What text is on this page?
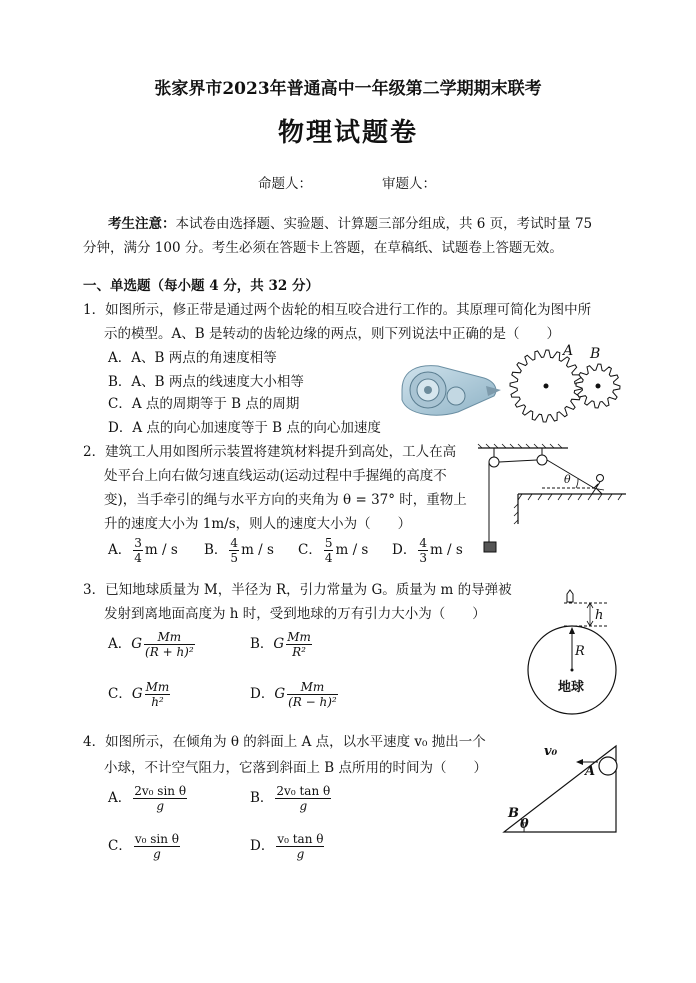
张家界市2023年普通高中一年级第二学期期末联考
物理试题卷
命题人：	审题人：
考生注意：本试卷由选择题、实验题、计算题三部分组成，共 6 页，考试时量 75
分钟，满分 100 分。考生必须在答题卡上答题，在草稿纸、试题卷上答题无效。
一、单选题（每小题 4 分，共 32 分）
1．如图所示，修正带是通过两个齿轮的相互咬合进行工作的。其原理可简化为图中所
示的模型。A、B 是转动的齿轮边缘的两点，则下列说法中正确的是（　　）
A．A、B 两点的角速度相等
B．A、B 两点的线速度大小相等
C．A 点的周期等于 B 点的周期
D．A 点的向心加速度等于 B 点的向心加速度
A B
2．建筑工人用如图所示装置将建筑材料提升到高处，工人在高
处平台上向右做匀速直线运动(运动过程中手握绳的高度不
变)，当手牵引的绳与水平方向的夹角为 θ = 37° 时，重物上
升的速度大小为 1m/s，则人的速度大小为（　　）
A． $\frac{3}{4}$ m / s B． $\frac{4}{5}$ m / s C． $\frac{5}{4}$ m / s D． $\frac{4}{3}$ m / s
θ
3．已知地球质量为 M，半径为 R，引力常量为 G。质量为 m 的导弹被
发射到离地面高度为 h 时，受到地球的万有引力大小为（　　）
A．G $\frac{Mm}{\text{(R + h)²}}$	B．G $\frac{Mm}{\text{R²}}$
C．G $\frac{Mm}{\text{h²}}$	D．G $\frac{Mm}{\text{(R − h)²}}$
h
R
地球
4．如图所示，在倾角为 θ 的斜面上 A 点，以水平速度 v₀ 抛出一个
小球，不计空气阻力，它落到斜面上 B 点所用的时间为（　　）
A． $\frac{\text{2v₀ sin θ}}{g}$	B． $\frac{\text{2v₀ tan θ}}{g}$
C． $\frac{\text{v₀ sin θ}}{g}$	D． $\frac{\text{v₀ tan θ}}{g}$
v₀
A
B
θ
